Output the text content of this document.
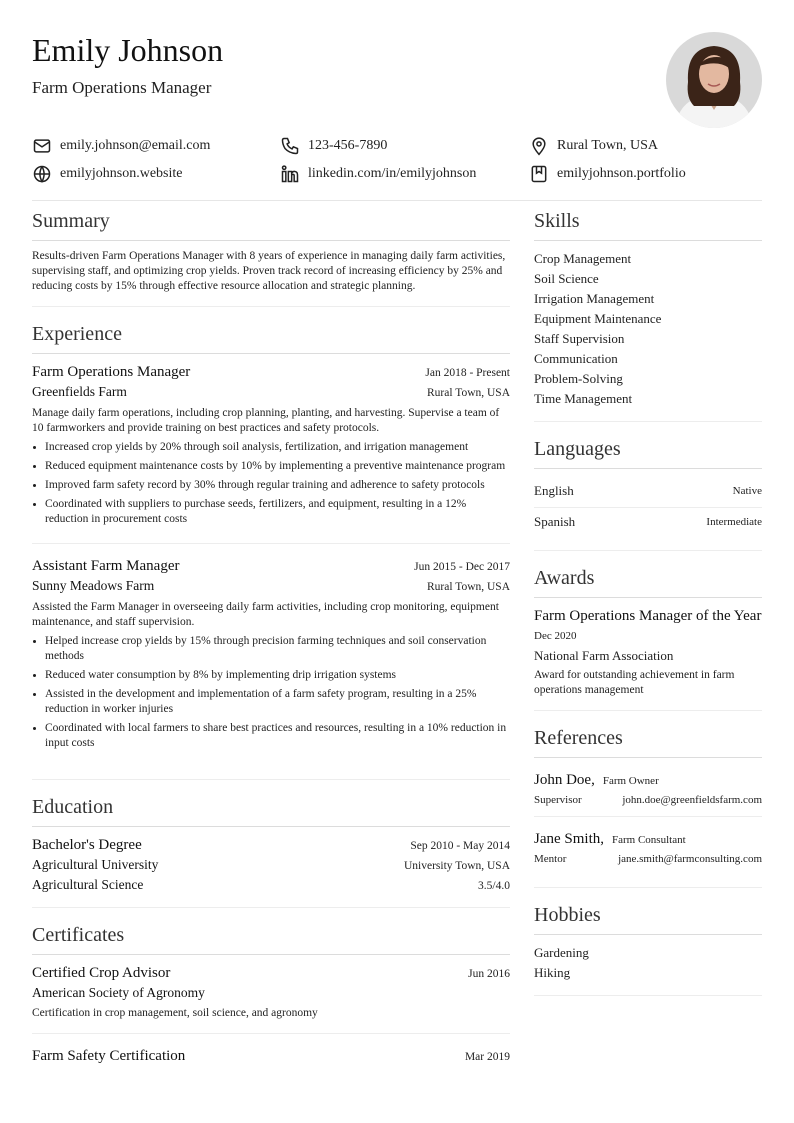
Emily Johnson
Farm Operations Manager
emily.johnson@email.com	123-456-7890	Rural Town, USA
emilyjohnson.website	linkedin.com/in/emilyjohnson	emilyjohnson.portfolio
Summary
Results-driven Farm Operations Manager with 8 years of experience in managing daily farm activities, supervising staff, and optimizing crop yields. Proven track record of increasing efficiency by 25% and reducing costs by 15% through effective resource allocation and strategic planning.
Experience
Farm Operations Manager	Jan 2018 - Present
Greenfields Farm	Rural Town, USA
Manage daily farm operations, including crop planning, planting, and harvesting. Supervise a team of 10 farmworkers and provide training on best practices and safety protocols.
• Increased crop yields by 20% through soil analysis, fertilization, and irrigation management
• Reduced equipment maintenance costs by 10% by implementing a preventive maintenance program
• Improved farm safety record by 30% through regular training and adherence to safety protocols
• Coordinated with suppliers to purchase seeds, fertilizers, and equipment, resulting in a 12% reduction in procurement costs
Assistant Farm Manager	Jun 2015 - Dec 2017
Sunny Meadows Farm	Rural Town, USA
Assisted the Farm Manager in overseeing daily farm activities, including crop monitoring, equipment maintenance, and staff supervision.
• Helped increase crop yields by 15% through precision farming techniques and soil conservation methods
• Reduced water consumption by 8% by implementing drip irrigation systems
• Assisted in the development and implementation of a farm safety program, resulting in a 25% reduction in worker injuries
• Coordinated with local farmers to share best practices and resources, resulting in a 10% reduction in input costs
Education
Bachelor's Degree	Sep 2010 - May 2014
Agricultural University	University Town, USA
Agricultural Science	3.5/4.0
Certificates
Certified Crop Advisor	Jun 2016
American Society of Agronomy
Certification in crop management, soil science, and agronomy
Farm Safety Certification	Mar 2019
Skills
Crop Management
Soil Science
Irrigation Management
Equipment Maintenance
Staff Supervision
Communication
Problem-Solving
Time Management
Languages
English	Native
Spanish	Intermediate
Awards
Farm Operations Manager of the Year
Dec 2020
National Farm Association
Award for outstanding achievement in farm operations management
References
John Doe, Farm Owner
Supervisor	john.doe@greenfieldsfarm.com
Jane Smith, Farm Consultant
Mentor	jane.smith@farmconsulting.com
Hobbies
Gardening
Hiking
